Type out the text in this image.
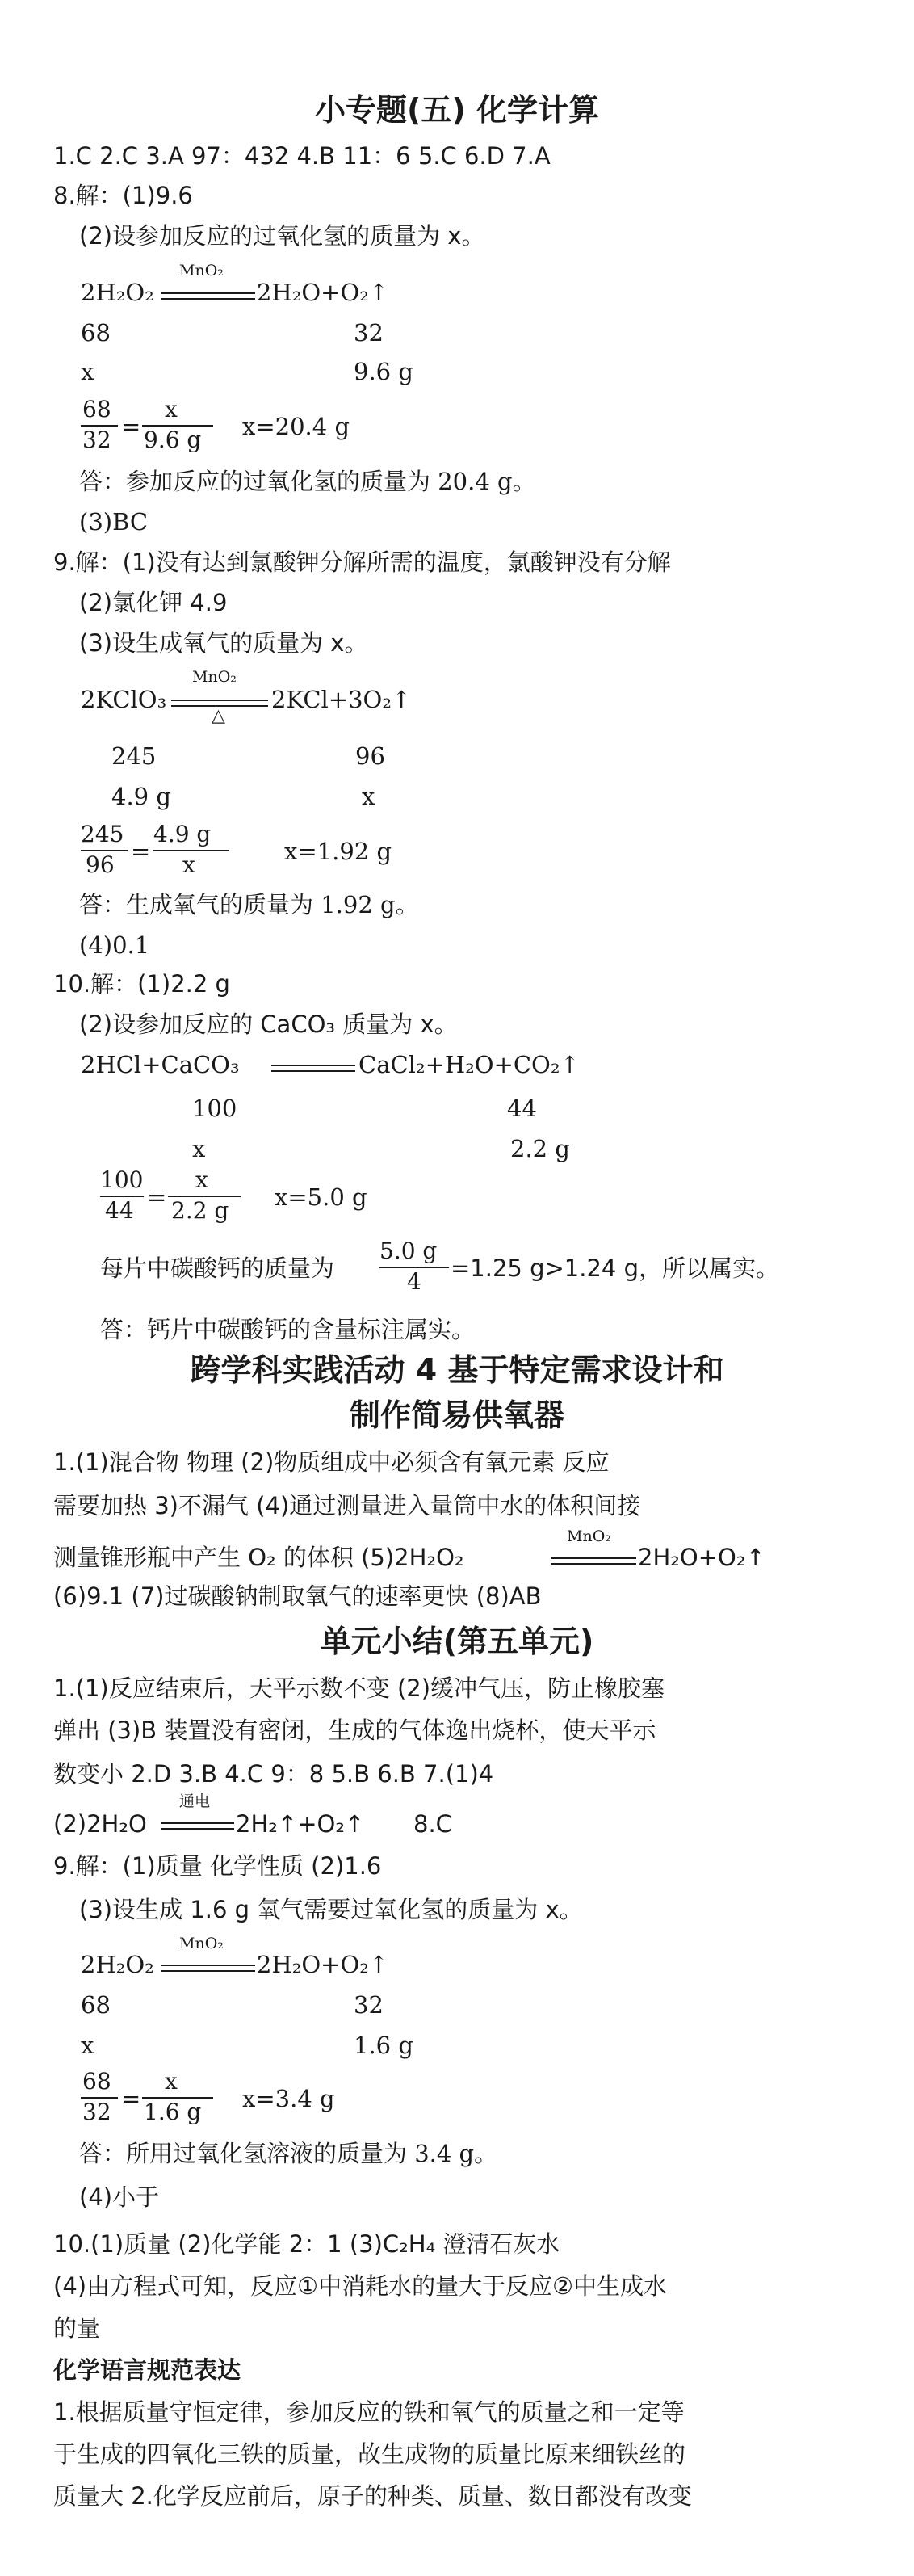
小专题(五) 化学计算
1.C 2.C 3.A 97：432 4.B 11：6 5.C 6.D 7.A
8.解：(1)9.6
(2)设参加反应的过氧化氢的质量为 x。
2H₂O₂
MnO₂
2H₂O+O₂ ↑
68	32
x	9.6 g
68
32 =
x
9.6 g x=20.4 g
答：参加反应的过氧化氢的质量为 20.4 g。
(3)BC
9.解：(1)没有达到氯酸钾分解所需的温度，氯酸钾没有分解
(2)氯化钾 4.9
(3)设生成氧气的质量为 x。
2KClO₃
MnO₂
△
2KCl+3O₂ ↑
245	96
4.9 g	x
245
96 =
4.9 g
x	x=1.92 g
答：生成氧气的质量为 1.92 g。
(4)0.1
10.解：(1)2.2 g
(2)设参加反应的 CaCO₃ 质量为 x。
2HCl+CaCO₃	CaCl₂+H₂O+CO₂ ↑
100	44
x	2.2 g
100
44 =
x
2.2 g x=5.0 g
每片中碳酸钙的质量为
5.0 g
4 =1.25 g>1.24 g，所以属实。
答：钙片中碳酸钙的含量标注属实。
跨学科实践活动 4 基于特定需求设计和
制作简易供氧器
1.(1)混合物 物理 (2)物质组成中必须含有氧元素 反应
需要加热 3)不漏气 (4)通过测量进入量筒中水的体积间接
测量锥形瓶中产生 O₂ 的体积 (5)2H₂O₂
MnO₂
2H₂O+O₂ ↑
(6)9.1 (7)过碳酸钠制取氧气的速率更快 (8)AB
单元小结(第五单元)
1.(1)反应结束后，天平示数不变 (2)缓冲气压，防止橡胶塞
弹出 (3)B 装置没有密闭，生成的气体逸出烧杯，使天平示
数变小 2.D 3.B 4.C 9：8 5.B 6.B 7.(1)4
(2)2H₂O
通电
2H₂ ↑ +O₂ ↑	8.C
9.解：(1)质量 化学性质 (2)1.6
(3)设生成 1.6 g 氧气需要过氧化氢的质量为 x。
2H₂O₂
MnO₂
2H₂O+O₂ ↑
68	32
x	1.6 g
68
32 =
x
1.6 g x=3.4 g
答：所用过氧化氢溶液的质量为 3.4 g。
(4)小于
10.(1)质量 (2)化学能 2：1 (3)C₂H₄ 澄清石灰水
(4)由方程式可知，反应①中消耗水的量大于反应②中生成水
的量
化学语言规范表达
1.根据质量守恒定律，参加反应的铁和氧气的质量之和一定等
于生成的四氧化三铁的质量，故生成物的质量比原来细铁丝的
质量大 2.化学反应前后，原子的种类、质量、数目都没有改变
